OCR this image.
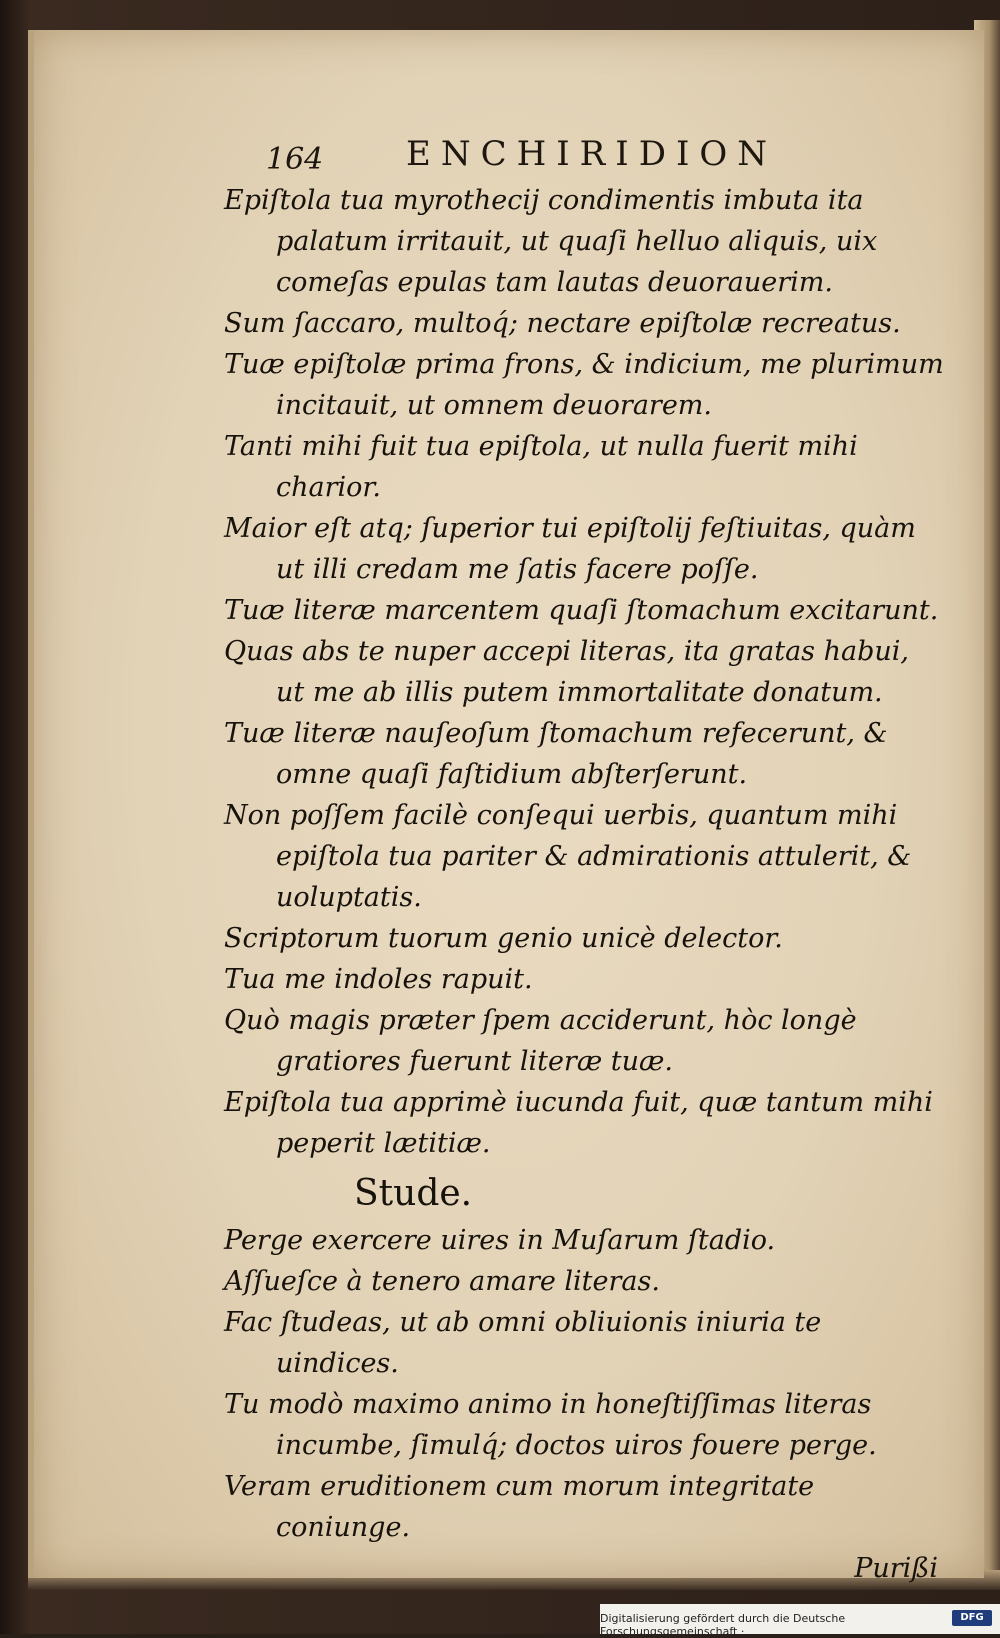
164 ENCHIRIDION

Epiſtola tua myrothecij condimentis imbuta ita palatum irritauit, ut quaſi helluo aliquis, uix comeſas epulas tam lautas deuorauerim.

Sum ſaccaro, multoq́; nectare epiſtolæ recreatus.

Tuæ epiſtolæ prima frons, & indicium, me plurimum incitauit, ut omnem deuorarem.

Tanti mihi fuit tua epiſtola, ut nulla fuerit mihi charior.

Maior eſt atq; ſuperior tui epiſtolij feſtiuitas, quàm ut illi credam me ſatis facere poſſe.

Tuæ literæ marcentem quaſi ſtomachum excitarunt.

Quas abs te nuper accepi literas, ita gratas habui, ut me ab illis putem immortalitate donatum.

Tuæ literæ nauſeoſum ſtomachum refecerunt, & omne quaſi faſtidium abſterſerunt.

Non poſſem facilè conſequi uerbis, quantum mihi epiſtola tua pariter & admirationis attulerit, & uoluptatis.

Scriptorum tuorum genio unicè delector.

Tua me indoles rapuit.

Quò magis præter ſpem acciderunt, hòc longè gratiores fuerunt literæ tuæ.

Epiſtola tua apprimè iucunda fuit, quæ tantum mihi peperit lætitiæ.

Stude.

Perge exercere uires in Muſarum ſtadio.

Aſſueſce à tenero amare literas.

Fac ſtudeas, ut ab omni obliuionis iniuria te uindices.

Tu modò maximo animo in honeſtiſſimas literas incumbe, ſimulq́; doctos uiros fouere perge.

Veram eruditionem cum morum integritate coniunge.

Purißi

Digitalisierung gefördert durch die Deutsche Forschungsgemeinschaft ·
DFG
